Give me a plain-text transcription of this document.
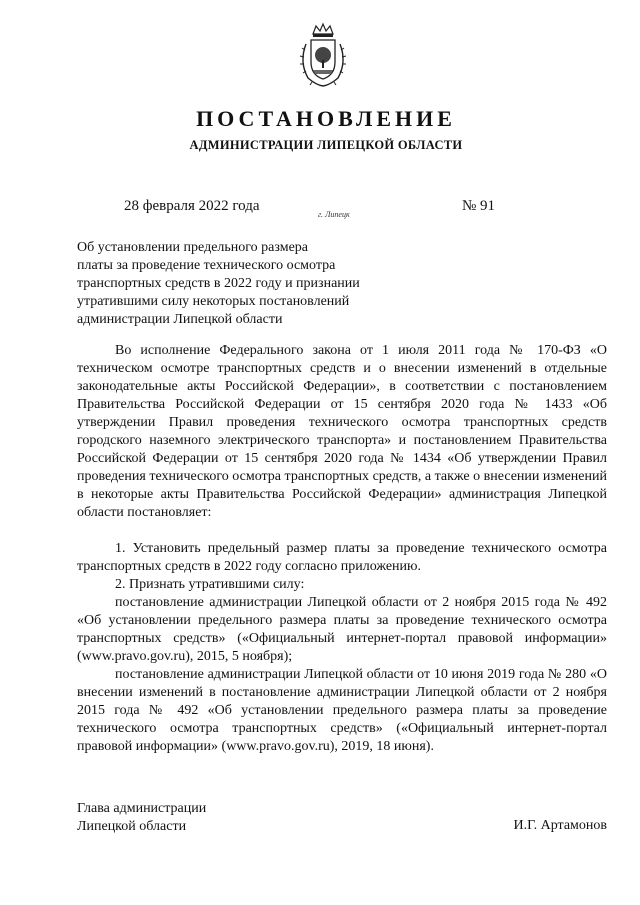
ПОСТАНОВЛЕНИЕ
АДМИНИСТРАЦИИ ЛИПЕЦКОЙ ОБЛАСТИ
28 февраля 2022 года
г. Липецк
№ 91
Об установлении предельного размера
платы за проведение технического осмотра
транспортных средств в 2022 году и признании
утратившими силу некоторых постановлений
администрации Липецкой области

Во исполнение Федерального закона от 1 июля 2011 года № 170-ФЗ «О техническом осмотре транспортных средств и о внесении изменений в отдельные законодательные акты Российской Федерации», в соответствии с постановлением Правительства Российской Федерации от 15 сентября 2020 года № 1433 «Об утверждении Правил проведения технического осмотра транспортных средств городского наземного электрического транспорта» и постановлением Правительства Российской Федерации от 15 сентября 2020 года № 1434 «Об утверждении Правил проведения технического осмотра транспортных средств, а также о внесении изменений в некоторые акты Правительства Российской Федерации» администрация Липецкой области постановляет:

1. Установить предельный размер платы за проведение технического осмотра транспортных средств в 2022 году согласно приложению.

2. Признать утратившими силу:

постановление администрации Липецкой области от 2 ноября 2015 года № 492 «Об установлении предельного размера платы за проведение технического осмотра транспортных средств» («Официальный интернет-портал правовой информации» (www.pravo.gov.ru), 2015, 5 ноября);

постановление администрации Липецкой области от 10 июня 2019 года № 280 «О внесении изменений в постановление администрации Липецкой области от 2 ноября 2015 года № 492 «Об установлении предельного размера платы за проведение технического осмотра транспортных средств» («Официальный интернет-портал правовой информации» (www.pravo.gov.ru), 2019, 18 июня).

Глава администрации
Липецкой области	И.Г. Артамонов
